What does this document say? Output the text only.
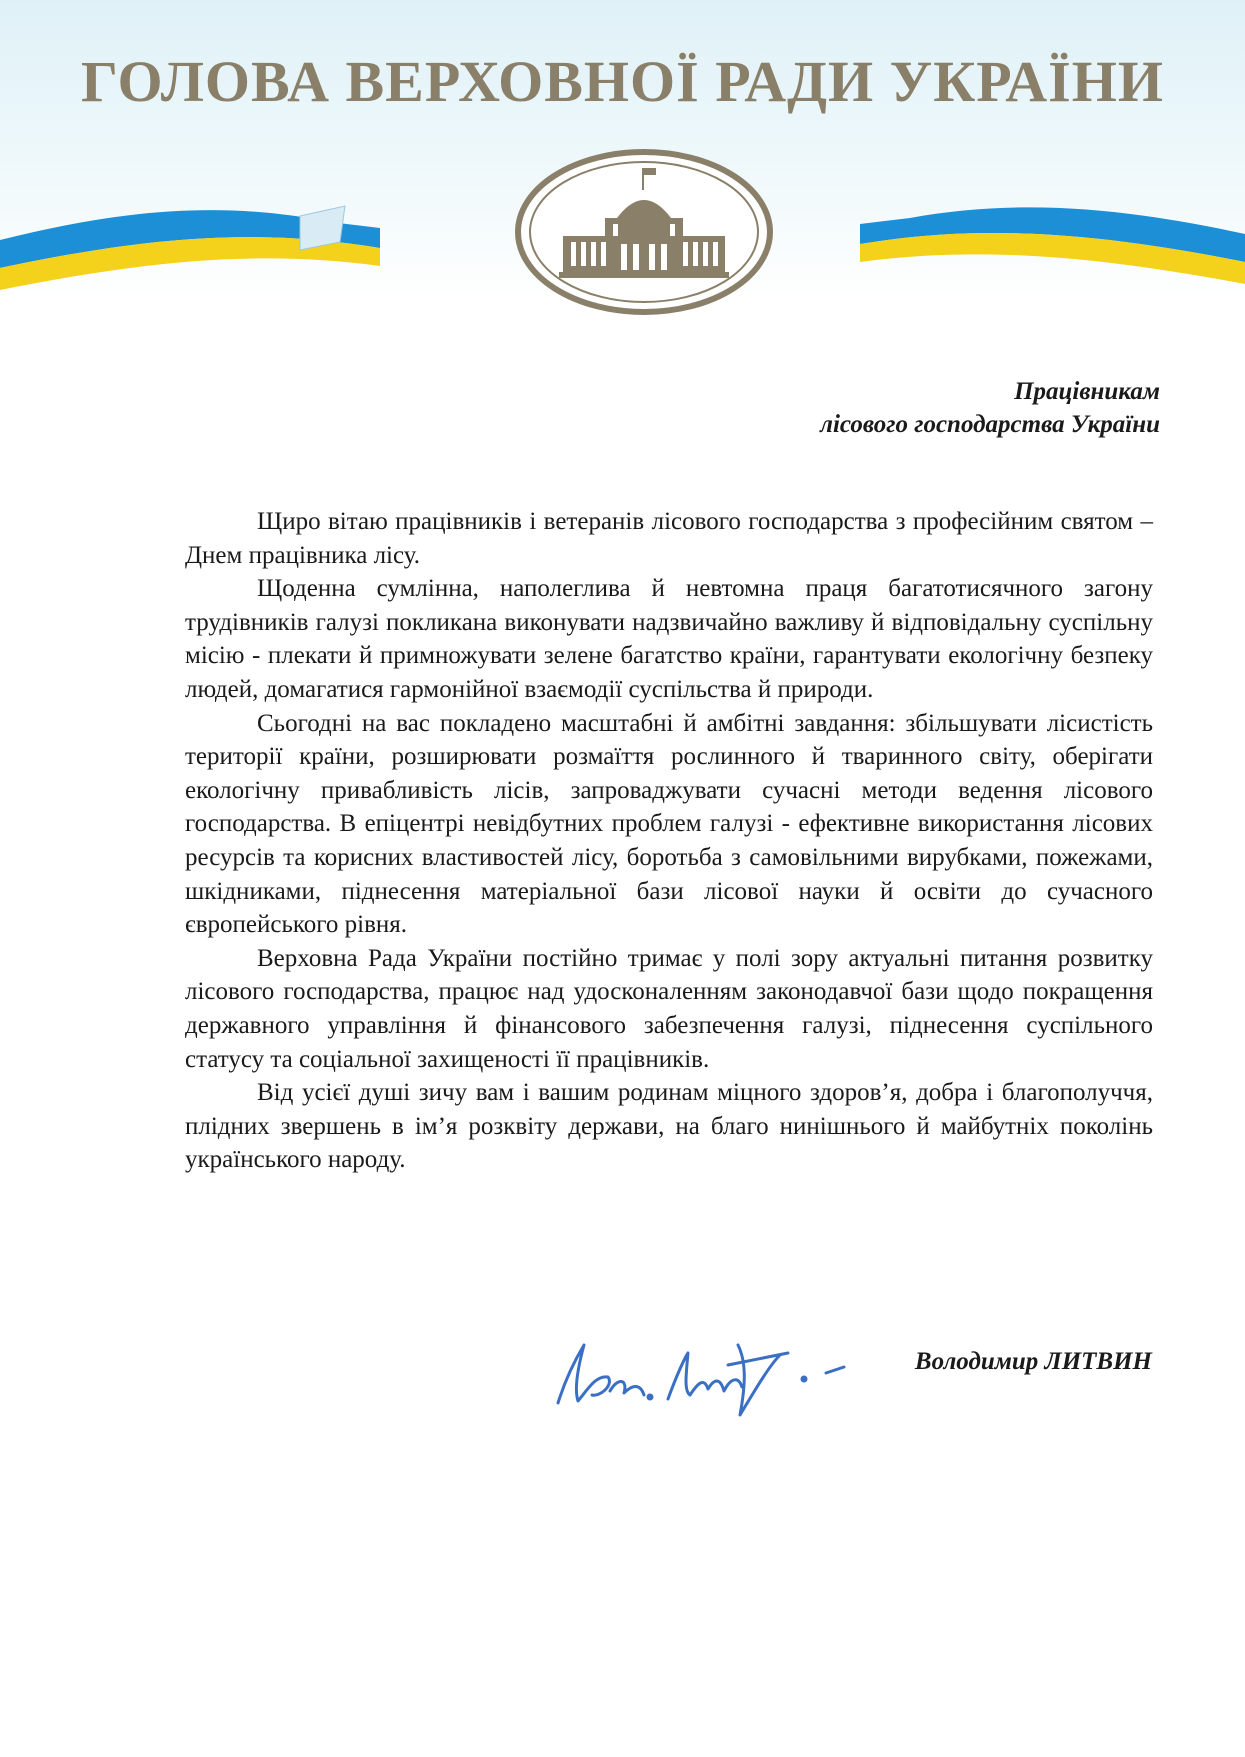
ГОЛОВА ВЕРХОВНОЇ РАДИ УКРАЇНИ
Працівникам
лісового господарства України

Щиро вітаю працівників і ветеранів лісового господарства з професійним святом – Днем працівника лісу.

Щоденна сумлінна, наполеглива й невтомна праця багатотисячного загону трудівників галузі покликана виконувати надзвичайно важливу й відповідальну суспільну місію - плекати й примножувати зелене багатство країни, гарантувати екологічну безпеку людей, домагатися гармонійної взаємодії суспільства й природи.

Сьогодні на вас покладено масштабні й амбітні завдання: збільшувати лісистість території країни, розширювати розмаїття рослинного й тваринного світу, оберігати екологічну привабливість лісів, запроваджувати сучасні методи ведення лісового господарства. В епіцентрі невідбутних проблем галузі - ефективне використання лісових ресурсів та корисних властивостей лісу, боротьба з самовільними вирубками, пожежами, шкідниками, піднесення матеріальної бази лісової науки й освіти до сучасного європейського рівня.

Верховна Рада України постійно тримає у полі зору актуальні питання розвитку лісового господарства, працює над удосконаленням законодавчої бази щодо покращення державного управління й фінансового забезпечення галузі, піднесення суспільного статусу та соціальної захищеності її працівників.

Від усієї душі зичу вам і вашим родинам міцного здоров’я, добра і благополуччя, плідних звершень в ім’я розквіту держави, на благо нинішнього й майбутніх поколінь українського народу.

Володимир ЛИТВИН
